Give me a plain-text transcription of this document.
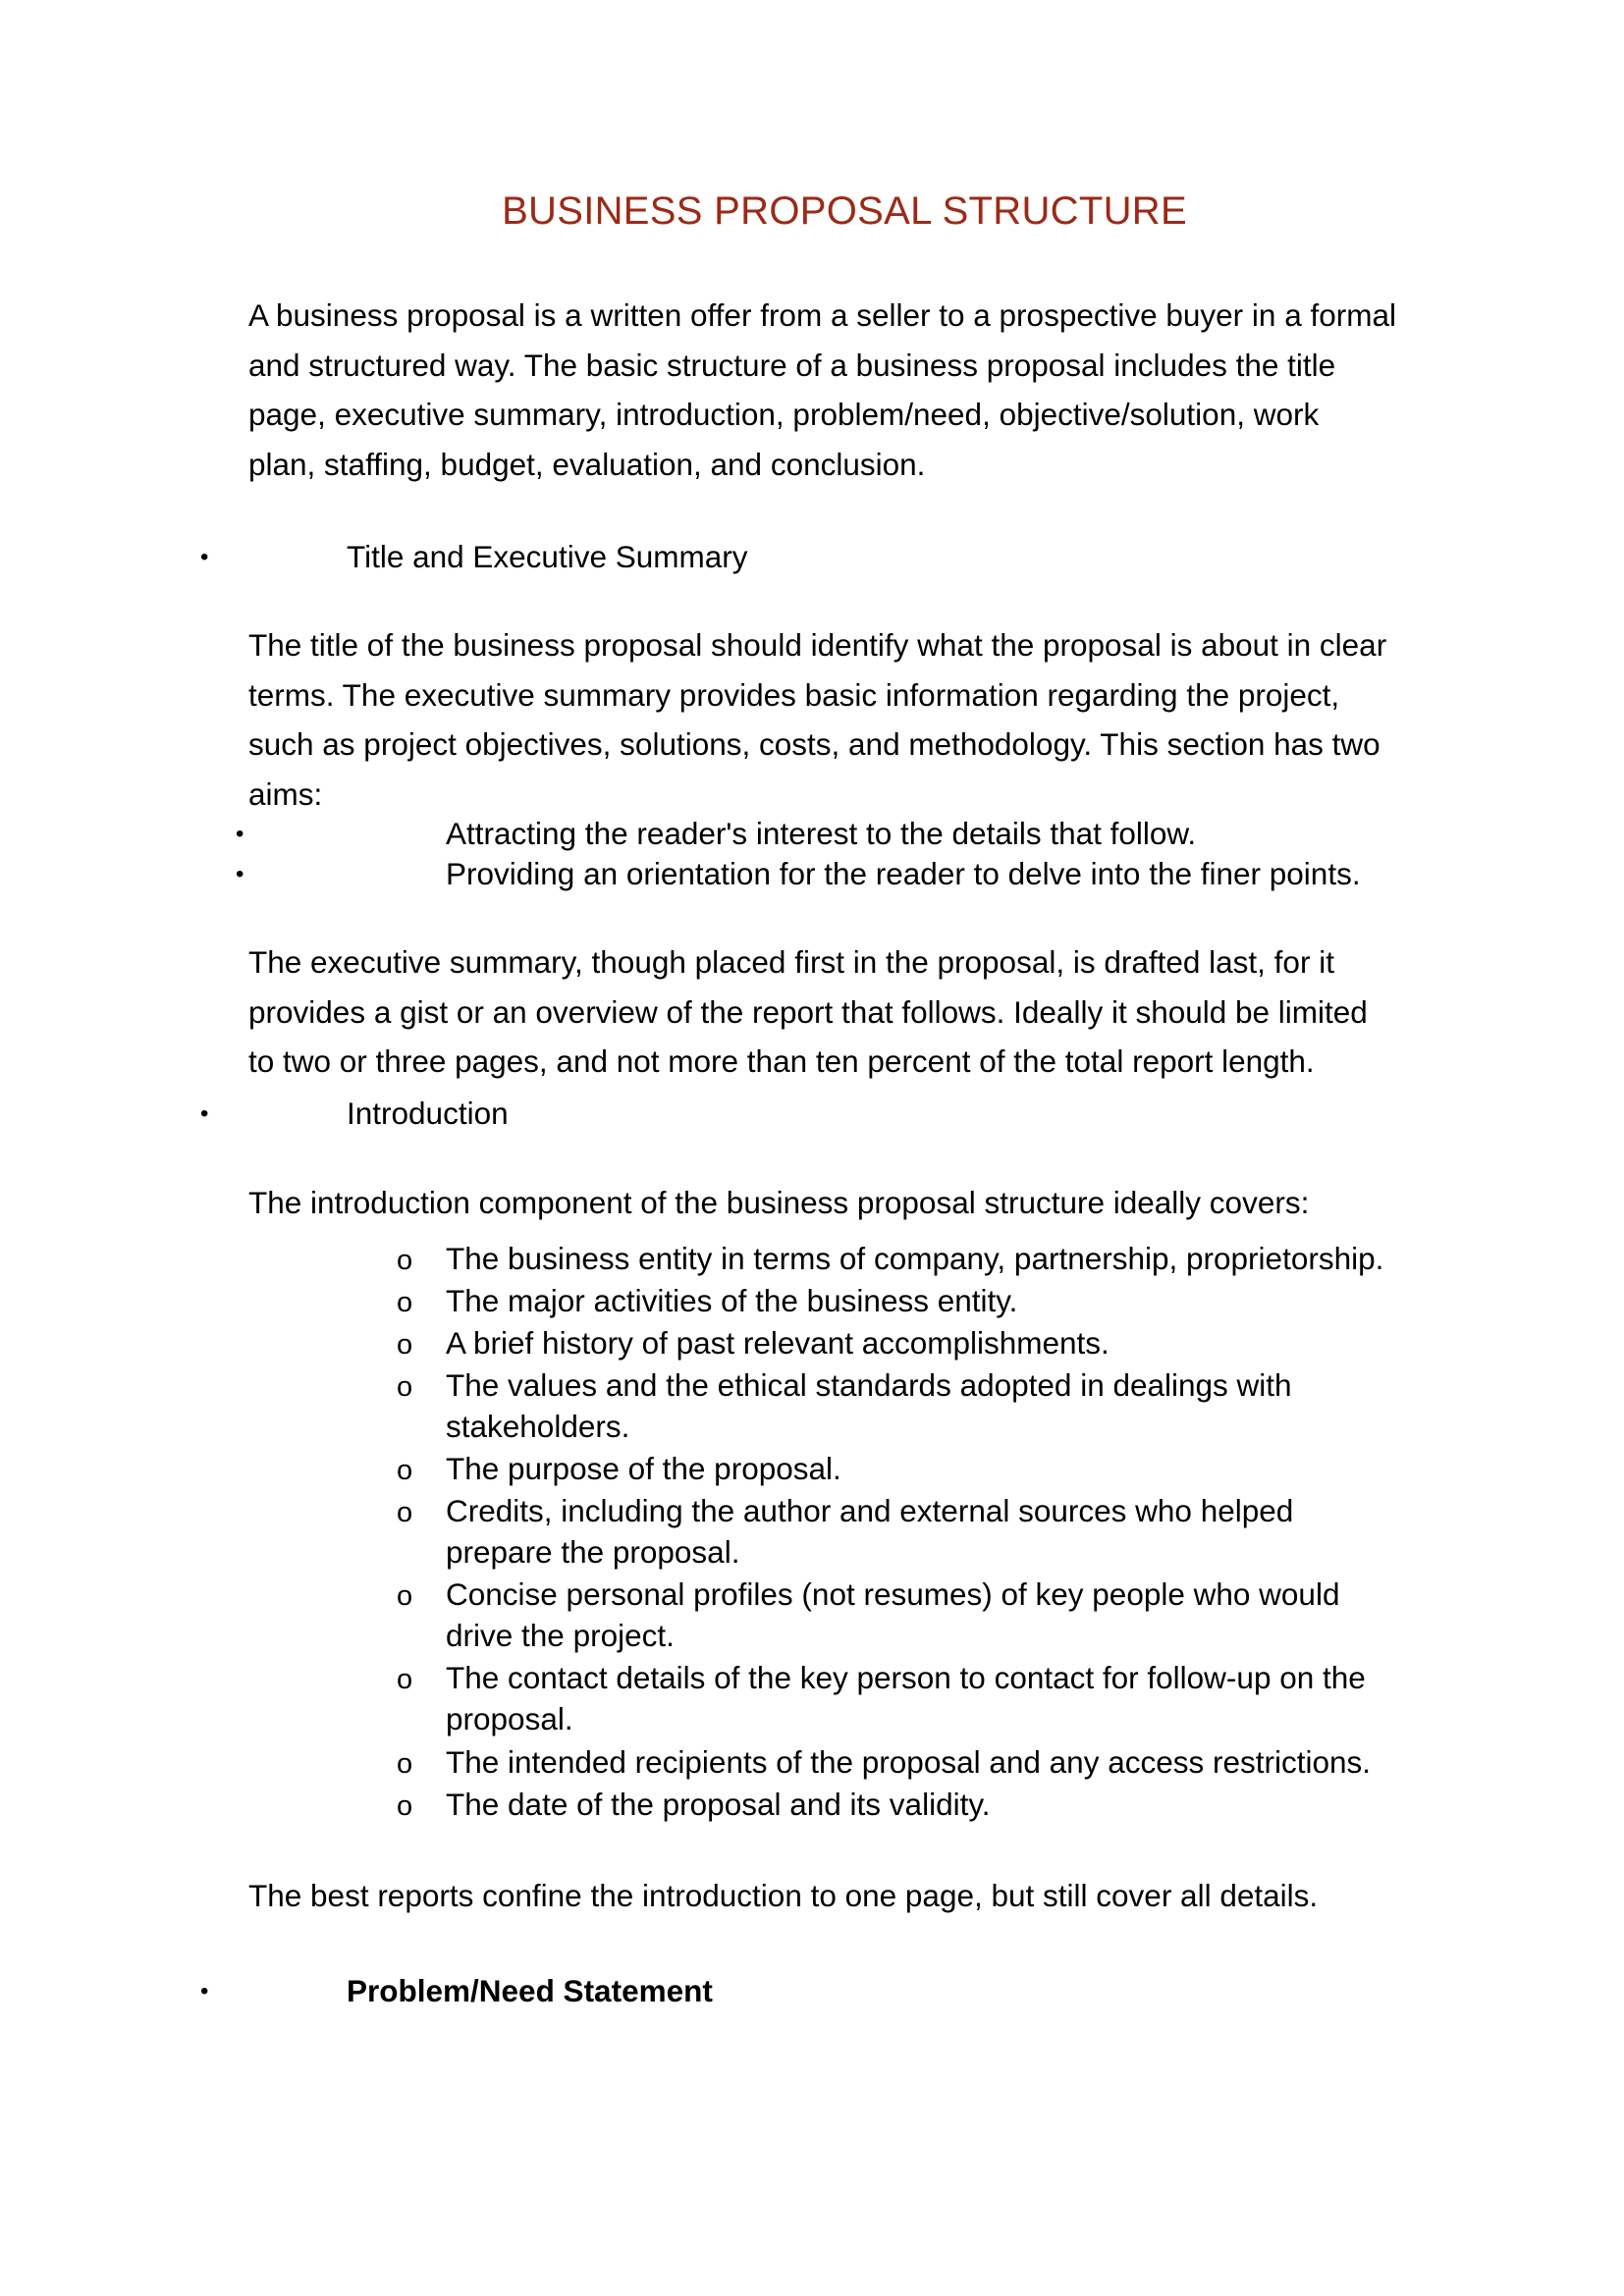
BUSINESS PROPOSAL STRUCTURE
A business proposal is a written offer from a seller to a prospective buyer in a formal
and structured way. The basic structure of a business proposal includes the title
page, executive summary, introduction, problem/need, objective/solution, work
plan, staffing, budget, evaluation, and conclusion.
•	Title and Executive Summary
The title of the business proposal should identify what the proposal is about in clear
terms. The executive summary provides basic information regarding the project,
such as project objectives, solutions, costs, and methodology. This section has two
aims:
•	Attracting the reader's interest to the details that follow.
•	Providing an orientation for the reader to delve into the finer points.
The executive summary, though placed first in the proposal, is drafted last, for it
provides a gist or an overview of the report that follows. Ideally it should be limited
to two or three pages, and not more than ten percent of the total report length.
•	Introduction
The introduction component of the business proposal structure ideally covers:
o The business entity in terms of company, partnership, proprietorship.
o The major activities of the business entity.
o A brief history of past relevant accomplishments.
o The values and the ethical standards adopted in dealings with
stakeholders.
o The purpose of the proposal.
o Credits, including the author and external sources who helped
prepare the proposal.
o Concise personal profiles (not resumes) of key people who would
drive the project.
o The contact details of the key person to contact for follow-up on the
proposal.
o The intended recipients of the proposal and any access restrictions.
o The date of the proposal and its validity.
The best reports confine the introduction to one page, but still cover all details.
•	Problem/Need Statement
